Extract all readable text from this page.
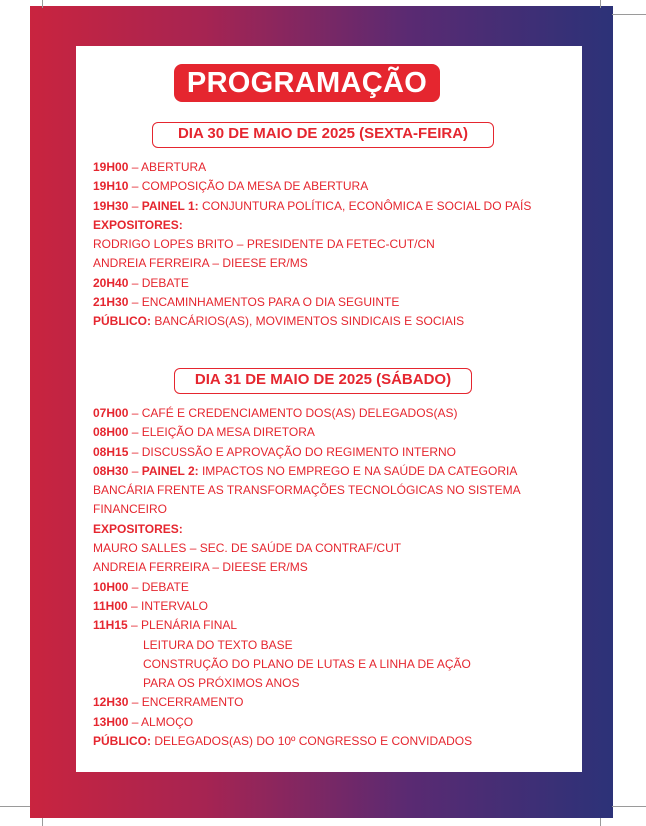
PROGRAMAÇÃO
DIA 30 DE MAIO DE 2025 (SEXTA-FEIRA)
19H00 – ABERTURA
19H10 – COMPOSIÇÃO DA MESA DE ABERTURA
19H30 – PAINEL 1: CONJUNTURA POLÍTICA, ECONÔMICA E SOCIAL DO PAÍS
EXPOSITORES:
RODRIGO LOPES BRITO – PRESIDENTE DA FETEC-CUT/CN
ANDREIA FERREIRA – DIEESE ER/MS
20H40 – DEBATE
21H30 – ENCAMINHAMENTOS PARA O DIA SEGUINTE
PÚBLICO: BANCÁRIOS(AS), MOVIMENTOS SINDICAIS E SOCIAIS
DIA 31 DE MAIO DE 2025 (SÁBADO)
07H00 – CAFÉ E CREDENCIAMENTO DOS(AS) DELEGADOS(AS)
08H00 – ELEIÇÃO DA MESA DIRETORA
08H15 – DISCUSSÃO E APROVAÇÃO DO REGIMENTO INTERNO
08H30 – PAINEL 2: IMPACTOS NO EMPREGO E NA SAÚDE DA CATEGORIA BANCÁRIA FRENTE AS TRANSFORMAÇÕES TECNOLÓGICAS NO SISTEMA FINANCEIRO
EXPOSITORES:
MAURO SALLES – SEC. DE SAÚDE DA CONTRAF/CUT
ANDREIA FERREIRA – DIEESE ER/MS
10H00 – DEBATE
11H00 – INTERVALO
11H15 – PLENÁRIA FINAL
LEITURA DO TEXTO BASE
CONSTRUÇÃO DO PLANO DE LUTAS E A LINHA DE AÇÃO
PARA OS PRÓXIMOS ANOS
12H30 – ENCERRAMENTO
13H00 – ALMOÇO
PÚBLICO: DELEGADOS(AS) DO 10º CONGRESSO E CONVIDADOS
